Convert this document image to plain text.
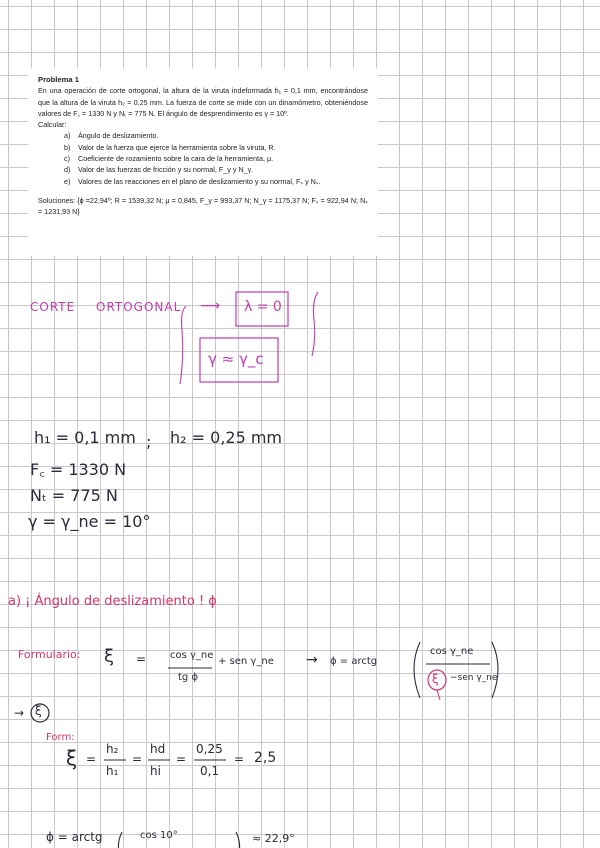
Problema 1

En una operación de corte ortogonal, la altura de la viruta indeformada h₁ = 0,1 mm, encontrándose que la altura de la viruta h₂ = 0,25 mm. La fuerza de corte se mide con un dinamómetro, obteniéndose valores de F꜀ = 1330 N y Nₜ = 775 N. El ángulo de desprendimiento es γ = 10º.

Calcular:
a) Ángulo de deslizamiento.
b) Valor de la fuerza que ejerce la herramienta sobre la viruta, R.
c) Coeficiente de rozamiento sobre la cara de la herramienta, μ.
d) Valor de las fuerzas de fricción y su normal, F_γ y N_γ.
e) Valores de las reacciones en el plano de deslizamiento y su normal, Fₛ y Nₛ.

Soluciones: {ϕ =22,94º; R = 1539,32 N; μ = 0,845, F_γ = 993,37 N; N_γ = 1175,37 N; Fₛ = 922,94 N; Nₛ = 1231,93 N}

CORTE ORTOGONAL ⟶ λ = 0
γ ≈ γ_c
h₁ = 0,1 mm ; h₂ = 0,25 mm
F꜀ = 1330 N
Nₜ = 775 N
γ = γ_ne = 10°
a) ¡ Ángulo de deslizamiento ! ϕ
Formulario: ξ = cos γ_ne
tg ϕ
+ sen γ_ne → ϕ = arctg
cos γ_ne
ξ −sen γ_ne
→ ξ
Form:
ξ =
h₂
h₁
=
hd
hi
=
0,25
0,1
= 2,5
ϕ = arctg	cos 10°	≈ 22,9°
